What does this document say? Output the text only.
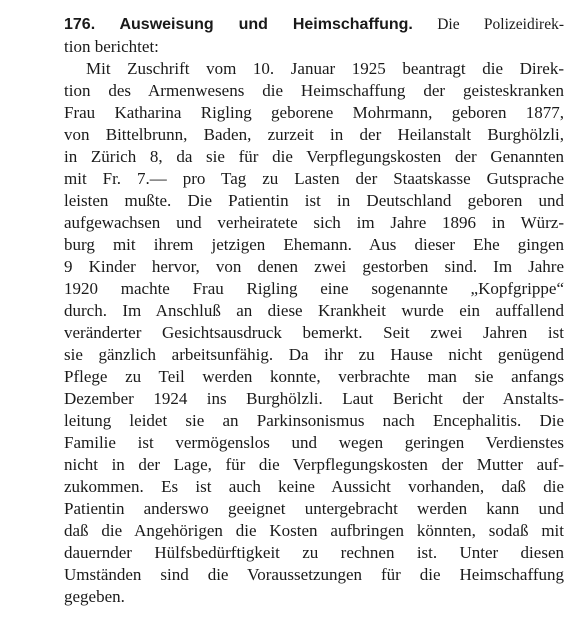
176. Ausweisung und Heimschaffung. Die Polizeidirek-
tion berichtet:
Mit Zuschrift vom 10. Januar 1925 beantragt die Direk-
tion des Armenwesens die Heimschaffung der geisteskranken
Frau Katharina Rigling geborene Mohrmann, geboren 1877,
von Bittelbrunn, Baden, zurzeit in der Heilanstalt Burghölzli,
in Zürich 8, da sie für die Verpflegungskosten der Genannten
mit Fr. 7.— pro Tag zu Lasten der Staatskasse Gutsprache
leisten mußte. Die Patientin ist in Deutschland geboren und
aufgewachsen und verheiratete sich im Jahre 1896 in Würz-
burg mit ihrem jetzigen Ehemann. Aus dieser Ehe gingen
9 Kinder hervor, von denen zwei gestorben sind. Im Jahre
1920 machte Frau Rigling eine sogenannte „Kopfgrippe“
durch. Im Anschluß an diese Krankheit wurde ein auffallend
veränderter Gesichtsausdruck bemerkt. Seit zwei Jahren ist
sie gänzlich arbeitsunfähig. Da ihr zu Hause nicht genügend
Pflege zu Teil werden konnte, verbrachte man sie anfangs
Dezember 1924 ins Burghölzli. Laut Bericht der Anstalts-
leitung leidet sie an Parkinsonismus nach Encephalitis. Die
Familie ist vermögenslos und wegen geringen Verdienstes
nicht in der Lage, für die Verpflegungskosten der Mutter auf-
zukommen. Es ist auch keine Aussicht vorhanden, daß die
Patientin anderswo geeignet untergebracht werden kann und
daß die Angehörigen die Kosten aufbringen könnten, sodaß mit
dauernder Hülfsbedürftigkeit zu rechnen ist. Unter diesen
Umständen sind die Voraussetzungen für die Heimschaffung
gegeben.
